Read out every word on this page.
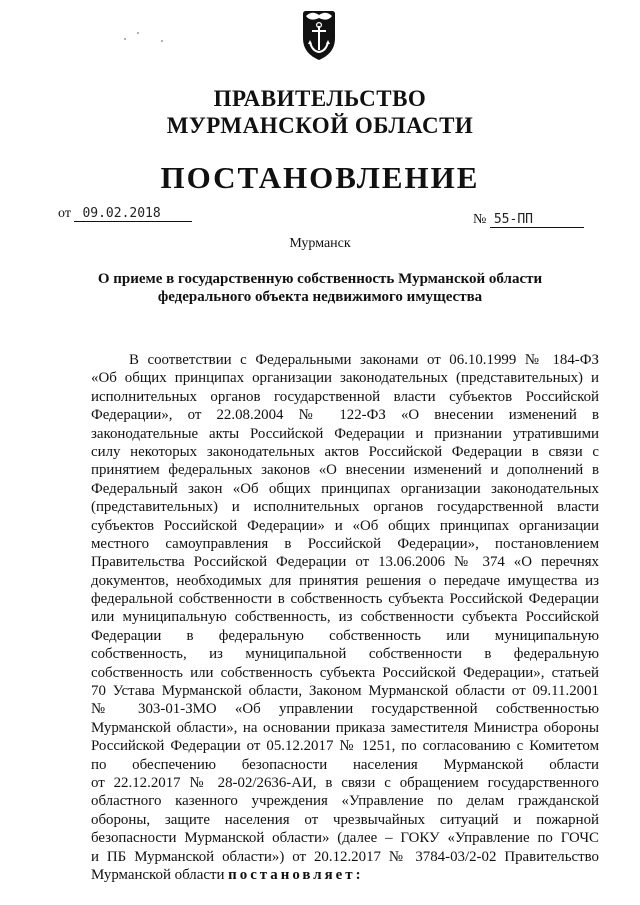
ПРАВИТЕЛЬСТВО
МУРМАНСКОЙ ОБЛАСТИ
ПОСТАНОВЛЕНИЕ
от 09.02.2018	№ 55-ПП
Мурманск
О приеме в государственную собственность Мурманской области
федерального объекта недвижимого имущества
В соответствии с Федеральными законами от 06.10.1999 № 184-ФЗ
«Об общих принципах организации законодательных (представительных) и
исполнительных органов государственной власти субъектов Российской
Федерации», от 22.08.2004 № 122-ФЗ «О внесении изменений в
законодательные акты Российской Федерации и признании утратившими
силу некоторых законодательных актов Российской Федерации в связи с
принятием федеральных законов «О внесении изменений и дополнений в
Федеральный закон «Об общих принципах организации законодательных
(представительных) и исполнительных органов государственной власти
субъектов Российской Федерации» и «Об общих принципах организации
местного самоуправления в Российской Федерации», постановлением
Правительства Российской Федерации от 13.06.2006 № 374 «О перечнях
документов, необходимых для принятия решения о передаче имущества из
федеральной собственности в собственность субъекта Российской Федерации
или муниципальную собственность, из собственности субъекта Российской
Федерации в федеральную собственность или муниципальную
собственность, из муниципальной собственности в федеральную
собственность или собственность субъекта Российской Федерации», статьей
70 Устава Мурманской области, Законом Мурманской области от 09.11.2001
№ 303-01-ЗМО «Об управлении государственной собственностью
Мурманской области», на основании приказа заместителя Министра обороны
Российской Федерации от 05.12.2017 № 1251, по согласованию с Комитетом
по обеспечению безопасности населения Мурманской области
от 22.12.2017 № 28-02/2636-АИ, в связи с обращением государственного
областного казенного учреждения «Управление по делам гражданской
обороны, защите населения от чрезвычайных ситуаций и пожарной
безопасности Мурманской области» (далее – ГОКУ «Управление по ГОЧС
и ПБ Мурманской области») от 20.12.2017 № 3784-03/2-02 Правительство
Мурманской области постановляет:
